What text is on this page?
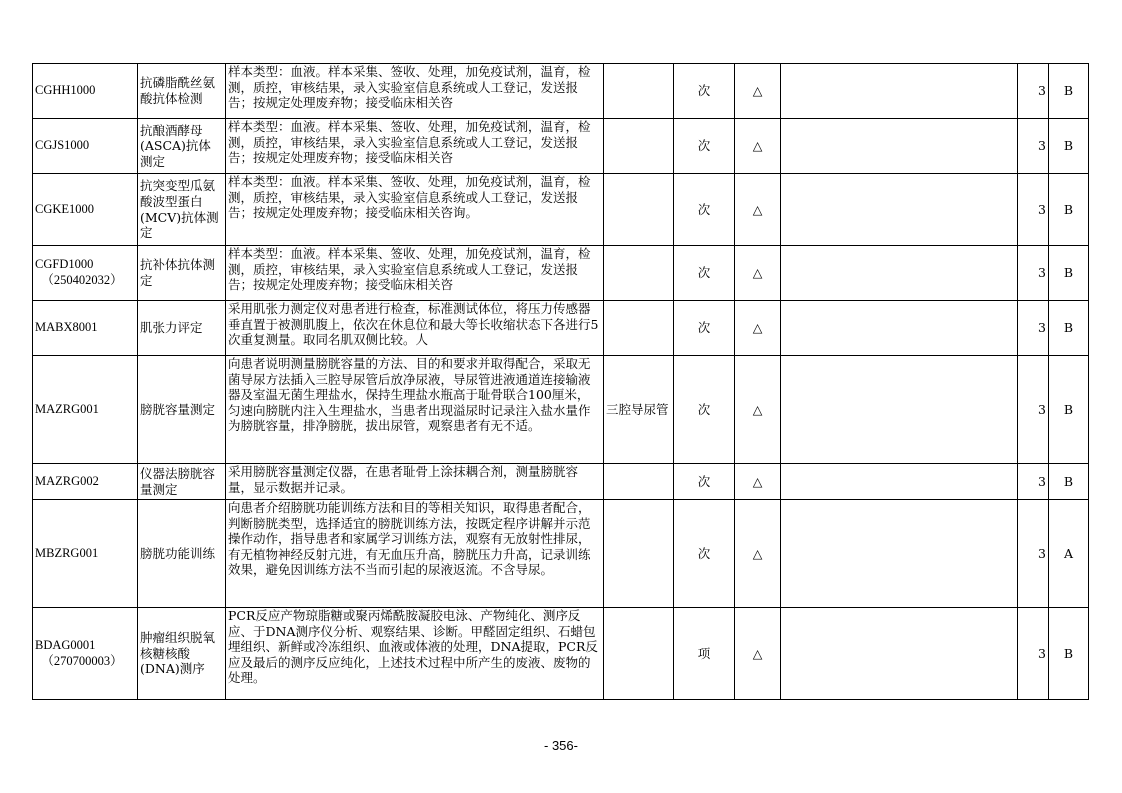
CGHH1000	抗磷脂酰丝氨酸抗体检测	样本类型：血液。样本采集、签收、处理，加免疫试剂，温育，检测，质控，审核结果，录入实验室信息系统或人工登记，发送报告；按规定处理废弃物；接受临床相关咨		次	△		3	B

CGJS1000	抗酿酒酵母(ASCA)抗体测定	样本类型：血液。样本采集、签收、处理，加免疫试剂，温育，检测，质控，审核结果，录入实验室信息系统或人工登记，发送报告；按规定处理废弃物；接受临床相关咨		次	△		3	B

CGKE1000	抗突变型瓜氨酸波型蛋白(MCV)抗体测定	样本类型：血液。样本采集、签收、处理，加免疫试剂，温育，检测，质控，审核结果，录入实验室信息系统或人工登记，发送报告；按规定处理废弃物；接受临床相关咨询。		次	△		3	B

CGFD1000
（250402032）	抗补体抗体测定	样本类型：血液。样本采集、签收、处理，加免疫试剂，温育，检测，质控，审核结果，录入实验室信息系统或人工登记，发送报告；按规定处理废弃物；接受临床相关咨		次	△		3	B

MABX8001	肌张力评定	采用肌张力测定仪对患者进行检查，标准测试体位，将压力传感器垂直置于被测肌腹上，依次在休息位和最大等长收缩状态下各进行5次重复测量。取同名肌双侧比较。人		次	△		3	B

MAZRG001	膀胱容量测定	向患者说明测量膀胱容量的方法、目的和要求并取得配合，采取无菌导尿方法插入三腔导尿管后放净尿液，导尿管进液通道连接输液器及室温无菌生理盐水，保持生理盐水瓶高于耻骨联合100厘米，匀速向膀胱内注入生理盐水，当患者出现溢尿时记录注入盐水量作为膀胱容量，排净膀胱，拔出尿管，观察患者有无不适。	三腔导尿管	次	△		3	B

MAZRG002	仪器法膀胱容量测定	采用膀胱容量测定仪器，在患者耻骨上涂抹耦合剂，测量膀胱容量，显示数据并记录。		次	△		3	B

MBZRG001	膀胱功能训练	向患者介绍膀胱功能训练方法和目的等相关知识，取得患者配合，判断膀胱类型，选择适宜的膀胱训练方法，按既定程序讲解并示范操作动作，指导患者和家属学习训练方法，观察有无放射性排尿，有无植物神经反射亢进，有无血压升高，膀胱压力升高，记录训练效果，避免因训练方法不当而引起的尿液返流。不含导尿。		次	△		3	A

BDAG0001
（270700003）	肿瘤组织脱氧核糖核酸(DNA)测序	PCR反应产物琼脂糖或聚丙烯酰胺凝胶电泳、产物纯化、测序反应、于DNA测序仪分析、观察结果、诊断。甲醛固定组织、石蜡包埋组织、新鲜或冷冻组织、血液或体液的处理，DNA提取，PCR反应及最后的测序反应纯化，上述技术过程中所产生的废液、废物的处理。		项	△		3	B
- 356-
